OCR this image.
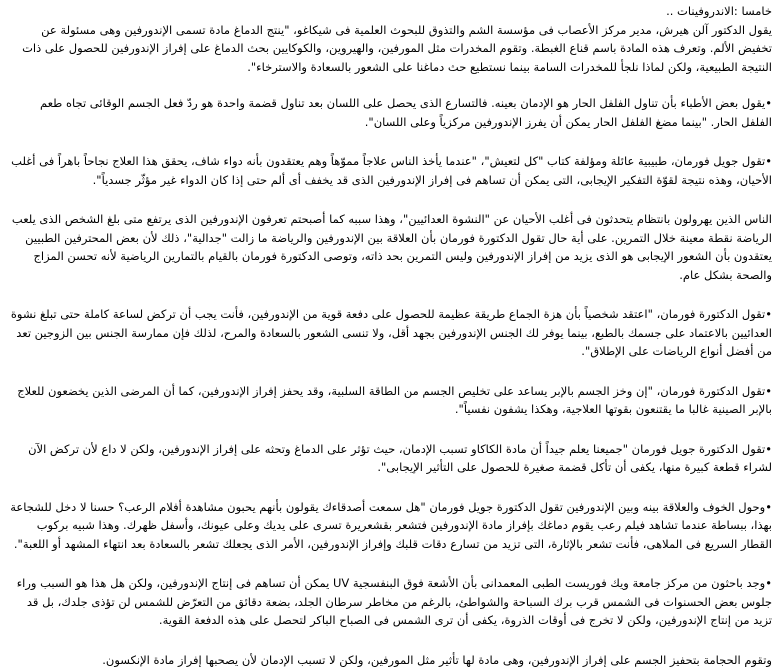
خامسا :الاندروفينات ..

يقول الدكتور آلن هيرش، مدير مركز الأعصاب فى مؤسسة الشم والتذوق للبحوث العلمية فى شيكاغو، "ينتج الدماغ مادة تسمى الإندورفين وهى مسئولة عن تخفيض الألم. وتعرف هذه المادة باسم قناع الغبطة. وتقوم المخدرات مثل المورفين، والهيروين، والكوكايين بحث الدماغ على إفراز الإندورفين للحصول على ذات النتيجة الطبيعية، ولكن لماذا نلجأ للمخدرات السامة بينما نستطيع حث دماغنا على الشعور بالسعادة والاسترخاء".

•يقول بعض الأطباء بأن تناول الفلفل الحار هو الإدمان بعينه. فالتسارع الذى يحصل على اللسان بعد تناول قضمة واحدة هو ردّ فعل الجسم الوقائى تجاه طعم الفلفل الحار. "بينما مضغ الفلفل الحار يمكن أن يفرز الإندورفين مركزياً وعلى اللسان".

•تقول جويل فورمان، طبيبية عائلة ومؤلفة كتاب "كل لتعيش"، "عندما يأخذ الناس علاجاً مموّهاً وهم يعتقدون بأنه دواء شاف، يحقق هذا العلاج نجاحاً باهراً فى أغلب الأحيان، وهذه نتيجة لقوّة التفكير الإيجابى، التى يمكن أن تساهم فى إفراز الإندورفين الذى قد يخفف أى ألم حتى إذا كان الدواء غير مؤثّر جسدياً".

الناس الذين يهرولون بانتظام يتحدثون فى أغلب الأحيان عن "النشوة العدائيين"، وهذا سببه كما أصبحتم تعرفون الإندورفين الذى يرتفع متى بلغ الشخص الذى يلعب الرياضة نقطة معينة خلال التمرين. على أية حال تقول الدكتورة فورمان بأن العلاقة بين الإندورفين والرياضة ما زالت "جدالية"، ذلك لأن بعض المحترفين الطبيين يعتقدون بأن الشعور الإيجابى هو الذى يزيد من إفراز الإندورفين وليس التمرين بحد ذاته، وتوصى الدكتورة فورمان بالقيام بالتمارين الرياضية لأنه تحسن المزاج والصحة بشكل عام.

•تقول الدكتورة فورمان، "اعتقد شخصياً بأن هزة الجماع طريقة عظيمة للحصول على دفعة قوية من الإندورفين، فأنت يجب أن تركض لساعة كاملة حتى تبلغ نشوة العدائيين بالاعتماد على جسمك بالطبع، بينما يوفر لك الجنس الإندورفين بجهد أقل، ولا تنسى الشعور بالسعادة والمرح، لذلك فإن ممارسة الجنس بين الزوجين تعد من أفضل أنواع الرياضات على الإطلاق".

•تقول الدكتورة فورمان، "إن وخز الجسم بالإبر يساعد على تخليص الجسم من الطاقة السلبية، وقد يحفز إفراز الإندورفين، كما أن المرضى الذين يخضعون للعلاج بالإبر الصينية غالبا ما يقتنعون بقوتها العلاجية، وهكذا يشفون نفسياً".

•تقول الدكتورة جويل فورمان "جميعنا يعلم جيداً أن مادة الكاكاو تسبب الإدمان، حيث تؤثر على الدماغ وتحثه على إفراز الإندورفين، ولكن لا داع لأن تركض الآن لشراء قطعة كبيرة منها، يكفى أن تأكل قضمة صغيرة للحصول على التأثير الإيجابى".

•وحول الخوف والعلاقة بينه وبين الإندورفين تقول الدكتورة جويل فورمان "هل سمعت أصدقاءك يقولون بأنهم يحبون مشاهدة أفلام الرعب؟ حسنا لا دخل للشجاعة بهذا، ببساطة عندما تشاهد فيلم رعب يقوم دماغك بإفراز مادة الإندورفين فتشعر بقشعريرة تسرى على يديك وعلى عيونك، وأسفل ظهرك. وهذا شبيه بركوب القطار السريع فى الملاهى، فأنت تشعر بالإثارة، التى تزيد من تسارع دقات قلبك وإفراز الإندورفين، الأمر الذى يجعلك تشعر بالسعادة بعد انتهاء المشهد أو اللعبة".

•وجد باحثون من مركز جامعة ويك فوريست الطبى المعمدانى بأن الأشعة فوق البنفسجية UV يمكن أن تساهم فى إنتاج الإندورفين، ولكن هل هذا هو السبب وراء جلوس بعض الحسنوات فى الشمس قرب برك السباحة والشواطئ، بالرغم من مخاطر سرطان الجلد، بضعة دقائق من التعرّض للشمس لن تؤذى جلدك، بل قد تزيد من إنتاج الإندورفين، ولكن لا تخرج فى أوقات الذروة، يكفى أن ترى الشمس فى الصباح الباكر لتحصل على هذه الدفعة القوية.

وتقوم الحجامة بتحفيز الجسم على إفراز الإندورفين، وهى مادة لها تأثير مثل المورفين، ولكن لا تسبب الإدمان لأن يصحبها إفراز مادة الإنكسون.
